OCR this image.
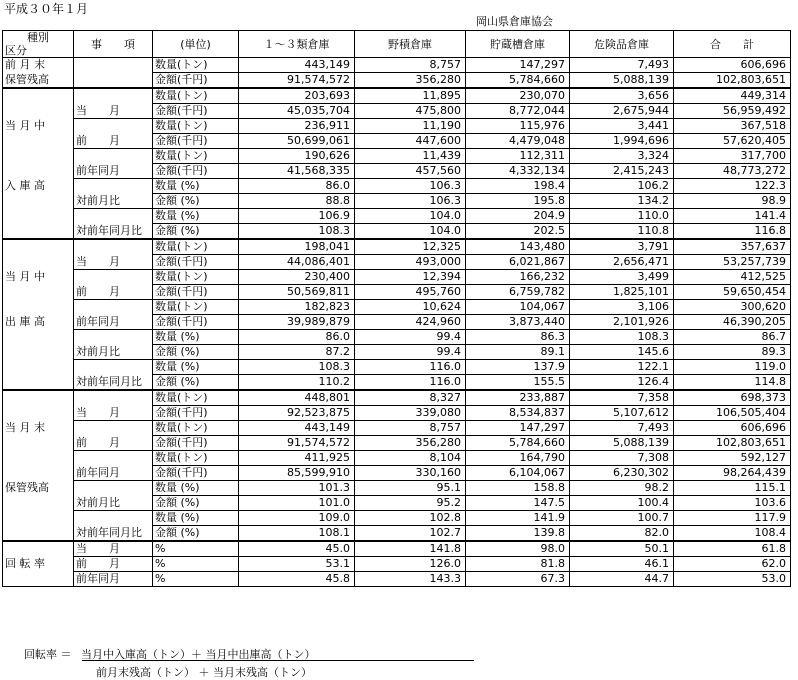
平成３０年１月
岡山県倉庫協会
種別
区分	事　　項	(単位)	１～３類倉庫	野積倉庫	貯蔵槽倉庫	危険品倉庫	合　　計
前 月 末		数量(トン)	443,149	8,757	147,297	7,493	606,696
保管残高		金額(千円)	91,574,572	356,280	5,784,660	5,088,139	102,803,651
		数量(トン)	203,693	11,895	230,070	3,656	449,314
	当　　月	金額(千円)	45,035,704	475,800	8,772,044	2,675,944	56,959,492
当 月 中		数量(トン)	236,911	11,190	115,976	3,441	367,518
	前　　月	金額(千円)	50,699,061	447,600	4,479,048	1,994,696	57,620,405
		数量(トン)	190,626	11,439	112,311	3,324	317,700
	前年同月	金額(千円)	41,568,335	457,560	4,332,134	2,415,243	48,773,272
入 庫 高		数量 (%)	86.0	106.3	198.4	106.2	122.3
	対前月比	金額 (%)	88.8	106.3	195.8	134.2	98.9
		数量 (%)	106.9	104.0	204.9	110.0	141.4
	対前年同月比	金額 (%)	108.3	104.0	202.5	110.8	116.8
		数量(トン)	198,041	12,325	143,480	3,791	357,637
	当　　月	金額(千円)	44,086,401	493,000	6,021,867	2,656,471	53,257,739
当 月 中		数量(トン)	230,400	12,394	166,232	3,499	412,525
	前　　月	金額(千円)	50,569,811	495,760	6,759,782	1,825,101	59,650,454
		数量(トン)	182,823	10,624	104,067	3,106	300,620
出 庫 高	前年同月	金額(千円)	39,989,879	424,960	3,873,440	2,101,926	46,390,205
		数量 (%)	86.0	99.4	86.3	108.3	86.7
	対前月比	金額 (%)	87.2	99.4	89.1	145.6	89.3
		数量 (%)	108.3	116.0	137.9	122.1	119.0
	対前年同月比	金額 (%)	110.2	116.0	155.5	126.4	114.8
		数量(トン)	448,801	8,327	233,887	7,358	698,373
	当　　月	金額(千円)	92,523,875	339,080	8,534,837	5,107,612	106,505,404
当 月 末		数量(トン)	443,149	8,757	147,297	7,493	606,696
	前　　月	金額(千円)	91,574,572	356,280	5,784,660	5,088,139	102,803,651
		数量(トン)	411,925	8,104	164,790	7,308	592,127
	前年同月	金額(千円)	85,599,910	330,160	6,104,067	6,230,302	98,264,439
保管残高		数量 (%)	101.3	95.1	158.8	98.2	115.1
	対前月比	金額 (%)	101.0	95.2	147.5	100.4	103.6
		数量 (%)	109.0	102.8	141.9	100.7	117.9
	対前年同月比	金額 (%)	108.1	102.7	139.8	82.0	108.4
	当　　月	%	45.0	141.8	98.0	50.1	61.8
回 転 率	前　　月	%	53.1	126.0	81.8	46.1	62.0
	前年同月	%	45.8	143.3	67.3	44.7	53.0
回転率 ＝ 当月中入庫高（トン）＋ 当月中出庫高（トン）
前月末残高（トン） ＋ 当月末残高（トン）
